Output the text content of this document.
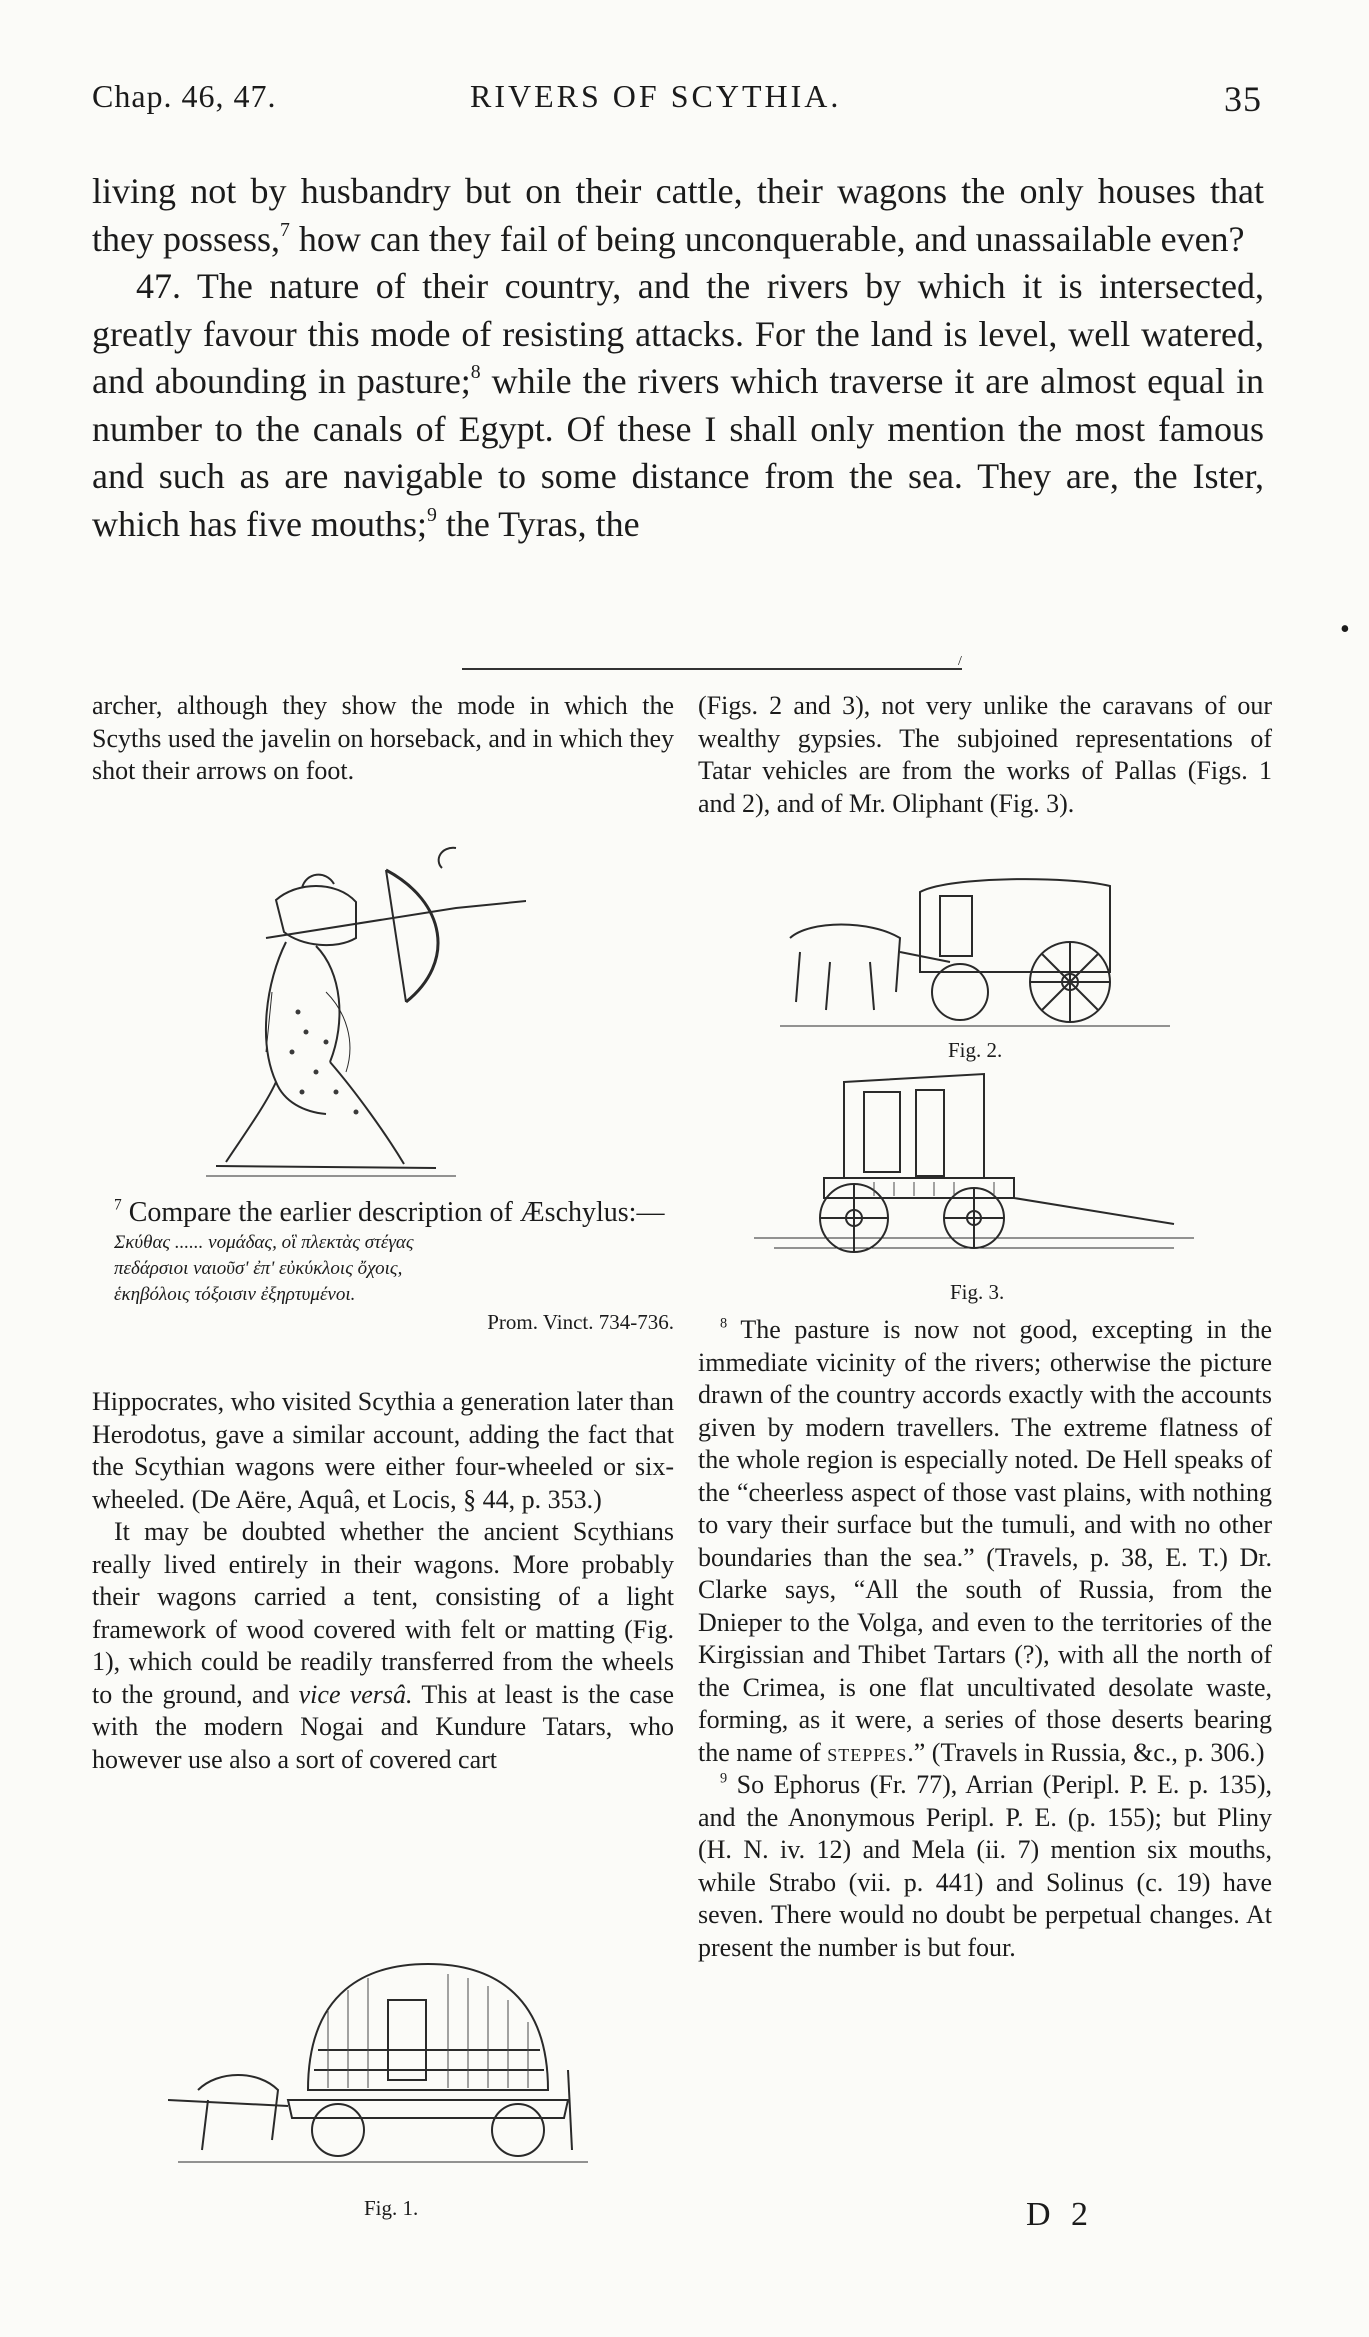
Chap. 46, 47.	RIVERS OF SCYTHIA.	35

living not by husbandry but on their cattle, their wagons the only houses that they possess,$^7$ how can they fail of being unconquerable, and unassailable even?

47. The nature of their country, and the rivers by which it is intersected, greatly favour this mode of resisting attacks. For the land is level, well watered, and abounding in pasture;$^8$ while the rivers which traverse it are almost equal in number to the canals of Egypt. Of these I shall only mention the most famous and such as are navigable to some distance from the sea. They are, the Ister, which has five mouths;$^9$ the Tyras, the

•
/
archer, although they show the mode in which the Scyths used the javelin on horseback, and in which they shot their arrows on foot.

$^7$ Compare the earlier description of Æschylus:—

Σκύθας ...... νομάδας, οἳ πλεκτὰς στέγας
πεδάρσιοι ναιοῦσ' ἐπ' εὐκύκλοις ὄχοις,
ἑκηβόλοις τόξοισιν ἐξηρτυμένοι.
Prom. Vinct. 734-736.

Hippocrates, who visited Scythia a generation later than Herodotus, gave a similar account, adding the fact that the Scythian wagons were either four-wheeled or six-wheeled. (De Aëre, Aquâ, et Locis, § 44, p. 353.)

It may be doubted whether the ancient Scythians really lived entirely in their wagons. More probably their wagons carried a tent, consisting of a light framework of wood covered with felt or matting (Fig. 1), which could be readily transferred from the wheels to the ground, and vice versâ. This at least is the case with the modern Nogai and Kundure Tatars, who however use also a sort of covered cart

Fig. 1.
(Figs. 2 and 3), not very unlike the caravans of our wealthy gypsies. The subjoined representations of Tatar vehicles are from the works of Pallas (Figs. 1 and 2), and of Mr. Oliphant (Fig. 3).
Fig. 2.
Fig. 3.

$^8$ The pasture is now not good, excepting in the immediate vicinity of the rivers; otherwise the picture drawn of the country accords exactly with the accounts given by modern travellers. The extreme flatness of the whole region is especially noted. De Hell speaks of the “cheerless aspect of those vast plains, with nothing to vary their surface but the tumuli, and with no other boundaries than the sea.” (Travels, p. 38, E. T.) Dr. Clarke says, “All the south of Russia, from the Dnieper to the Volga, and even to the territories of the Kirgissian and Thibet Tartars (?), with all the north of the Crimea, is one flat uncultivated desolate waste, forming, as it were, a series of those deserts bearing the name of steppes.” (Travels in Russia, &c., p. 306.)

$^9$ So Ephorus (Fr. 77), Arrian (Peripl. P. E. p. 135), and the Anonymous Peripl. P. E. (p. 155); but Pliny (H. N. iv. 12) and Mela (ii. 7) mention six mouths, while Strabo (vii. p. 441) and Solinus (c. 19) have seven. There would no doubt be perpetual changes. At present the number is but four.

D 2
